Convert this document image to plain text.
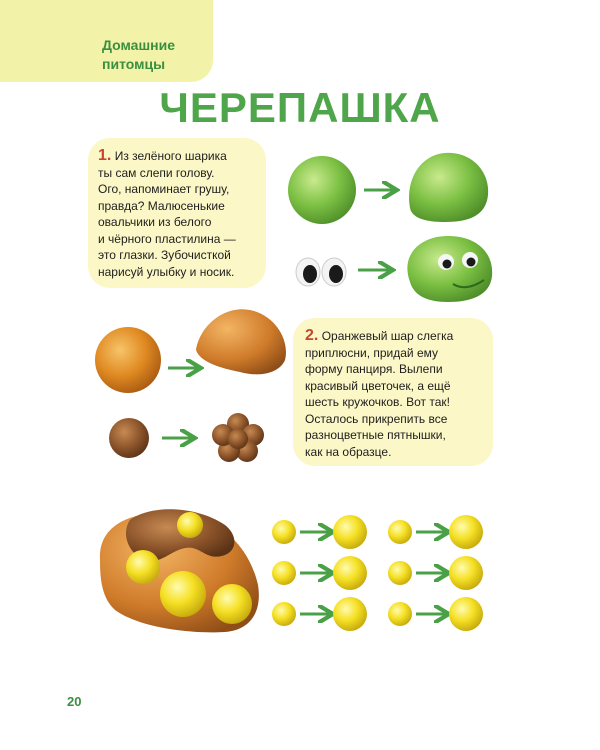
Домашние
питомцы
ЧЕРЕПАШКА
1. Из зелёного шарика
ты сам слепи голову.
Ого, напоминает грушу,
правда? Малюсенькие
овальчики из белого
и чёрного пластилина —
это глазки. Зубочисткой
нарисуй улыбку и носик.
2. Оранжевый шар слегка
приплюсни, придай ему
форму панциря. Вылепи
красивый цветочек, а ещё
шесть кружочков. Вот так!
Осталось прикрепить все
разноцветные пятнышки,
как на образце.
20
